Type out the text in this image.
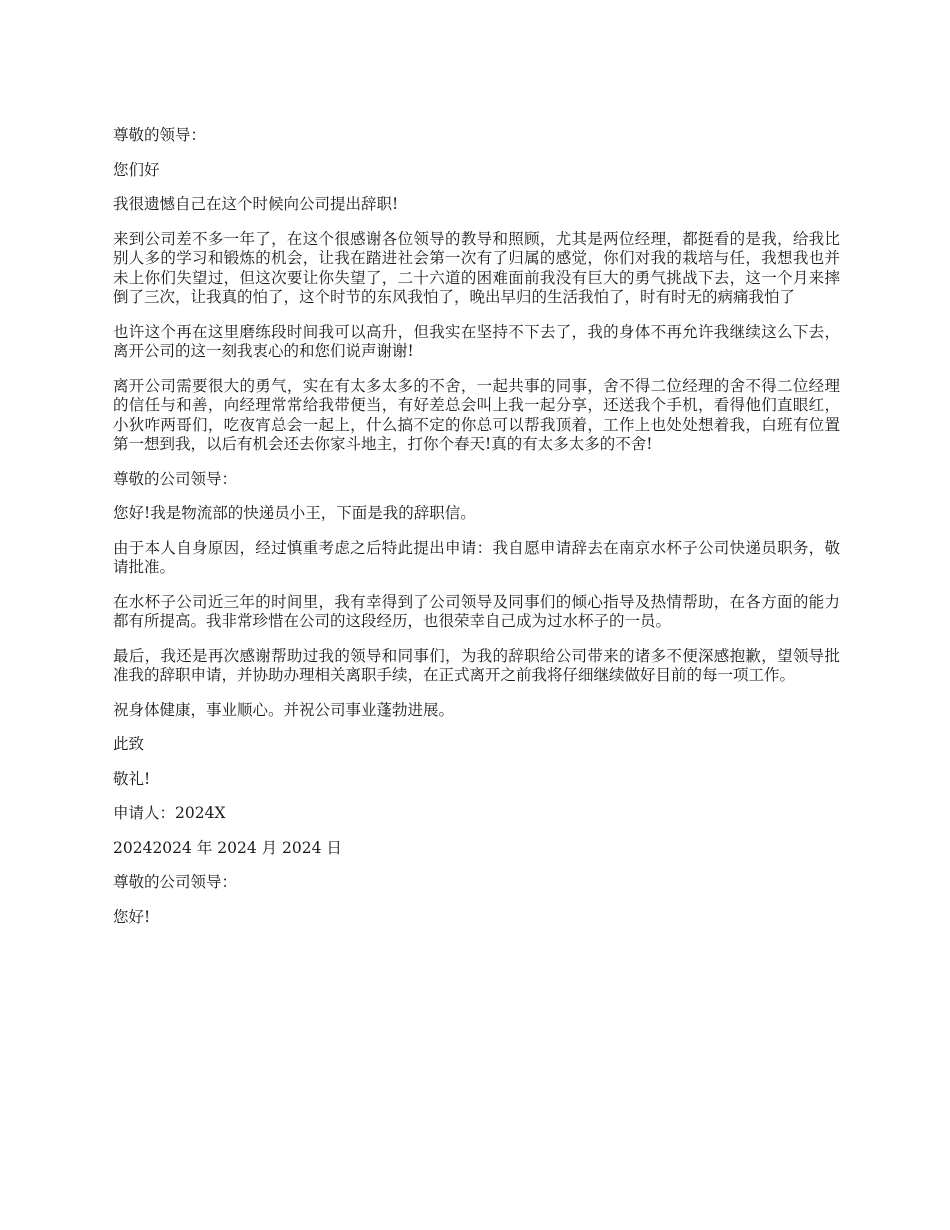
尊敬的领导：

您们好

我很遗憾自己在这个时候向公司提出辞职!

来到公司差不多一年了，在这个很感谢各位领导的教导和照顾，尤其是两位经理，都挺看的是我，给我比别人多的学习和锻炼的机会，让我在踏进社会第一次有了归属的感觉，你们对我的栽培与任，我想我也并未上你们失望过，但这次要让你失望了，二十六道的困难面前我没有巨大的勇气挑战下去，这一个月来摔倒了三次，让我真的怕了，这个时节的东风我怕了，晚出早归的生活我怕了，时有时无的病痛我怕了

也许这个再在这里磨练段时间我可以高升，但我实在坚持不下去了，我的身体不再允许我继续这么下去，离开公司的这一刻我衷心的和您们说声谢谢!

离开公司需要很大的勇气，实在有太多太多的不舍，一起共事的同事，舍不得二位经理的舍不得二位经理的信任与和善，向经理常常给我带便当，有好差总会叫上我一起分享，还送我个手机，看得他们直眼红，小狄咋两哥们，吃夜宵总会一起上，什么搞不定的你总可以帮我顶着，工作上也处处想着我，白班有位置第一想到我，以后有机会还去你家斗地主，打你个春天!真的有太多太多的不舍!

尊敬的公司领导：

您好!我是物流部的快递员小王，下面是我的辞职信。

由于本人自身原因，经过慎重考虑之后特此提出申请：我自愿申请辞去在南京水杯子公司快递员职务，敬请批准。

在水杯子公司近三年的时间里，我有幸得到了公司领导及同事们的倾心指导及热情帮助，在各方面的能力都有所提高。我非常珍惜在公司的这段经历，也很荣幸自己成为过水杯子的一员。

最后，我还是再次感谢帮助过我的领导和同事们，为我的辞职给公司带来的诸多不便深感抱歉，望领导批准我的辞职申请，并协助办理相关离职手续，在正式离开之前我将仔细继续做好目前的每一项工作。

祝身体健康，事业顺心。并祝公司事业蓬勃进展。

此致

敬礼!

申请人：2024X

20242024 年 2024 月 2024 日

尊敬的公司领导：

您好!
